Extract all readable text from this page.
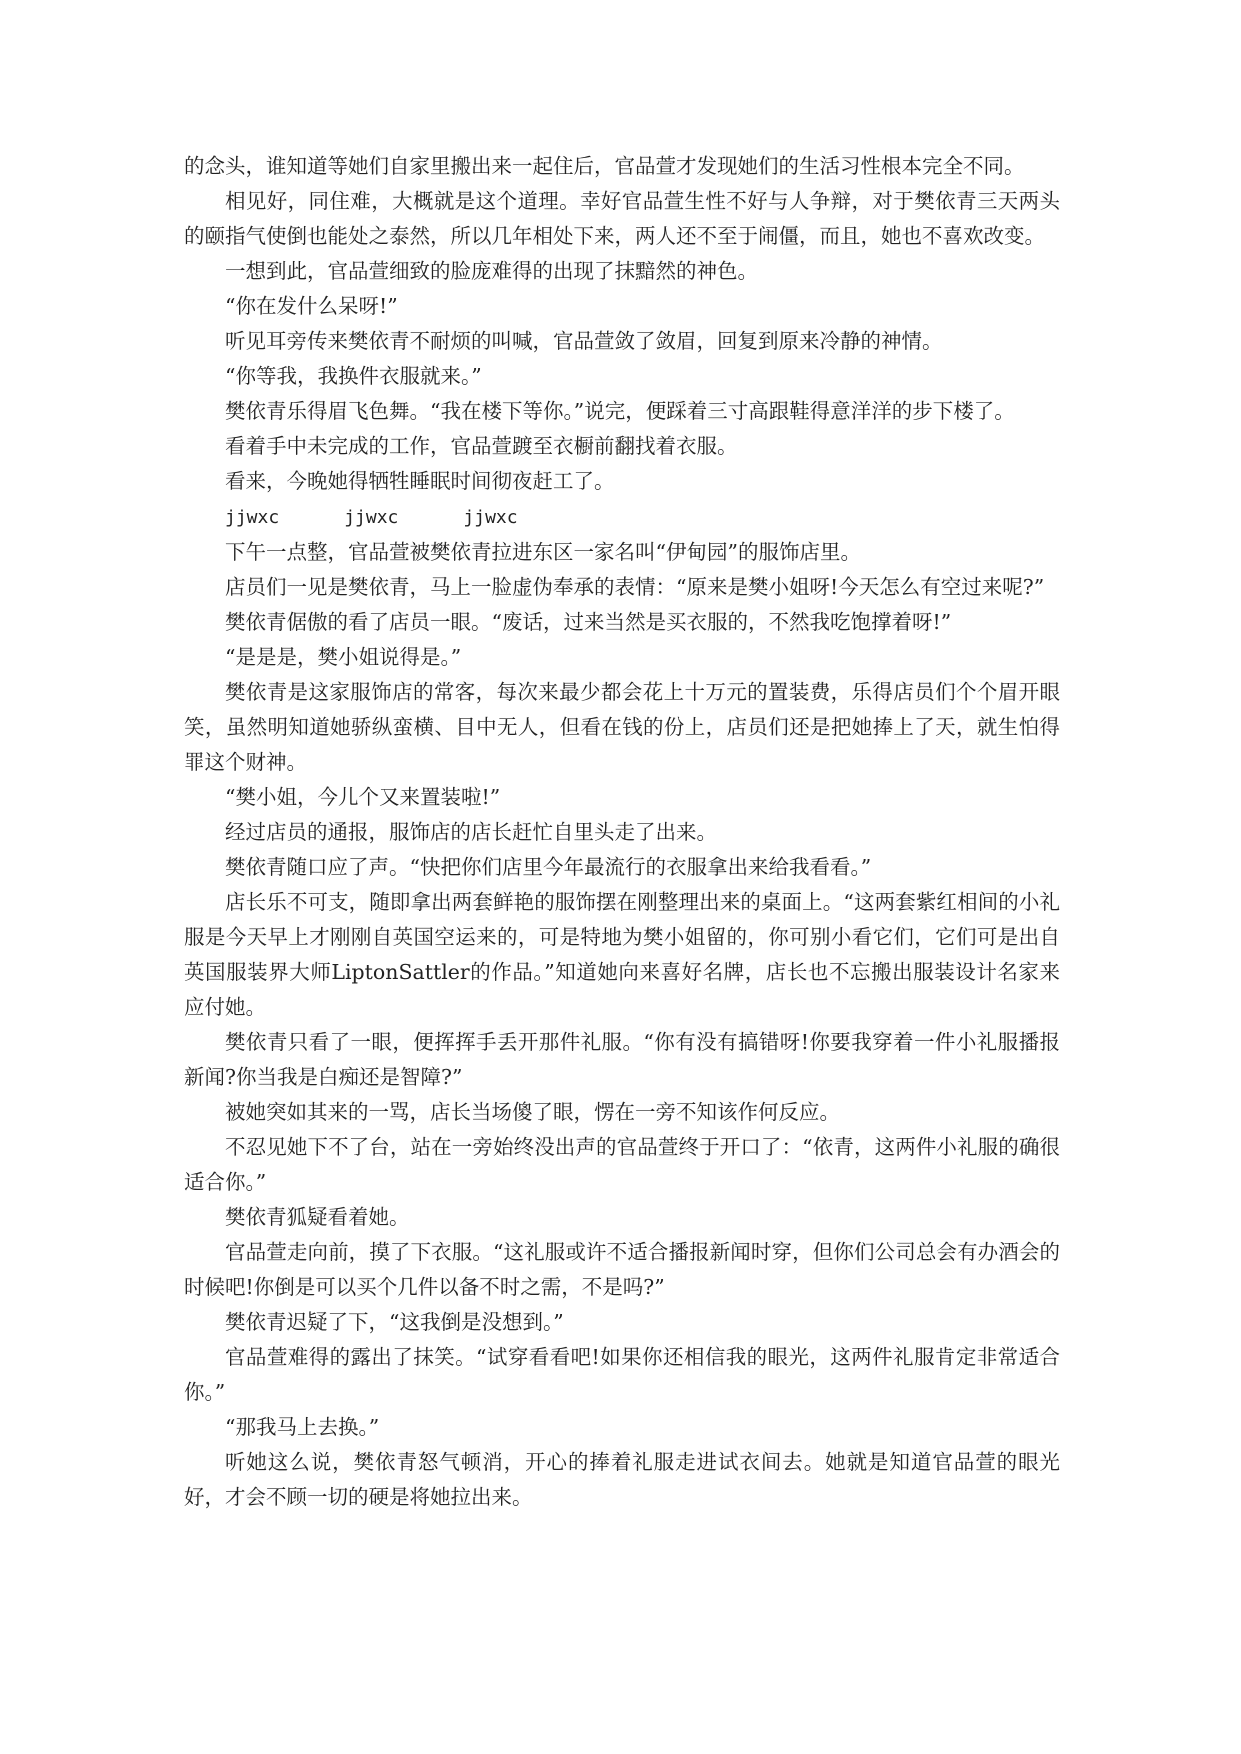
的念头，谁知道等她们自家里搬出来一起住后，官品萱才发现她们的生活习性根本完全不同。

相见好，同住难，大概就是这个道理。幸好官品萱生性不好与人争辩，对于樊依青三天两头的颐指气使倒也能处之泰然，所以几年相处下来，两人还不至于闹僵，而且，她也不喜欢改变。

一想到此，官品萱细致的脸庞难得的出现了抹黯然的神色。

“你在发什么呆呀!”

听见耳旁传来樊依青不耐烦的叫喊，官品萱敛了敛眉，回复到原来冷静的神情。

“你等我，我换件衣服就来。”

樊依青乐得眉飞色舞。“我在楼下等你。”说完，便踩着三寸高跟鞋得意洋洋的步下楼了。

看着手中未完成的工作，官品萱踱至衣橱前翻找着衣服。

看来，今晚她得牺牲睡眠时间彻夜赶工了。

jjwxc      jjwxc      jjwxc

下午一点整，官品萱被樊依青拉进东区一家名叫“伊甸园”的服饰店里。

店员们一见是樊依青，马上一脸虚伪奉承的表情：“原来是樊小姐呀!今天怎么有空过来呢?”

樊依青倨傲的看了店员一眼。“废话，过来当然是买衣服的，不然我吃饱撑着呀!”

“是是是，樊小姐说得是。”

樊依青是这家服饰店的常客，每次来最少都会花上十万元的置装费，乐得店员们个个眉开眼笑，虽然明知道她骄纵蛮横、目中无人，但看在钱的份上，店员们还是把她捧上了天，就生怕得罪这个财神。

“樊小姐，今儿个又来置装啦!”

经过店员的通报，服饰店的店长赶忙自里头走了出来。

樊依青随口应了声。“快把你们店里今年最流行的衣服拿出来给我看看。”

店长乐不可支，随即拿出两套鲜艳的服饰摆在刚整理出来的桌面上。“这两套紫红相间的小礼服是今天早上才刚刚自英国空运来的，可是特地为樊小姐留的，你可别小看它们，它们可是出自英国服装界大师LiptonSattler的作品。”知道她向来喜好名牌，店长也不忘搬出服装设计名家来应付她。

樊依青只看了一眼，便挥挥手丢开那件礼服。“你有没有搞错呀!你要我穿着一件小礼服播报新闻?你当我是白痴还是智障?”

被她突如其来的一骂，店长当场傻了眼，愣在一旁不知该作何反应。

不忍见她下不了台，站在一旁始终没出声的官品萱终于开口了：“依青，这两件小礼服的确很适合你。”

樊依青狐疑看着她。

官品萱走向前，摸了下衣服。“这礼服或许不适合播报新闻时穿，但你们公司总会有办酒会的时候吧!你倒是可以买个几件以备不时之需，不是吗?”

樊依青迟疑了下，“这我倒是没想到。”

官品萱难得的露出了抹笑。“试穿看看吧!如果你还相信我的眼光，这两件礼服肯定非常适合你。”

“那我马上去换。”

听她这么说，樊依青怒气顿消，开心的捧着礼服走进试衣间去。她就是知道官品萱的眼光好，才会不顾一切的硬是将她拉出来。
